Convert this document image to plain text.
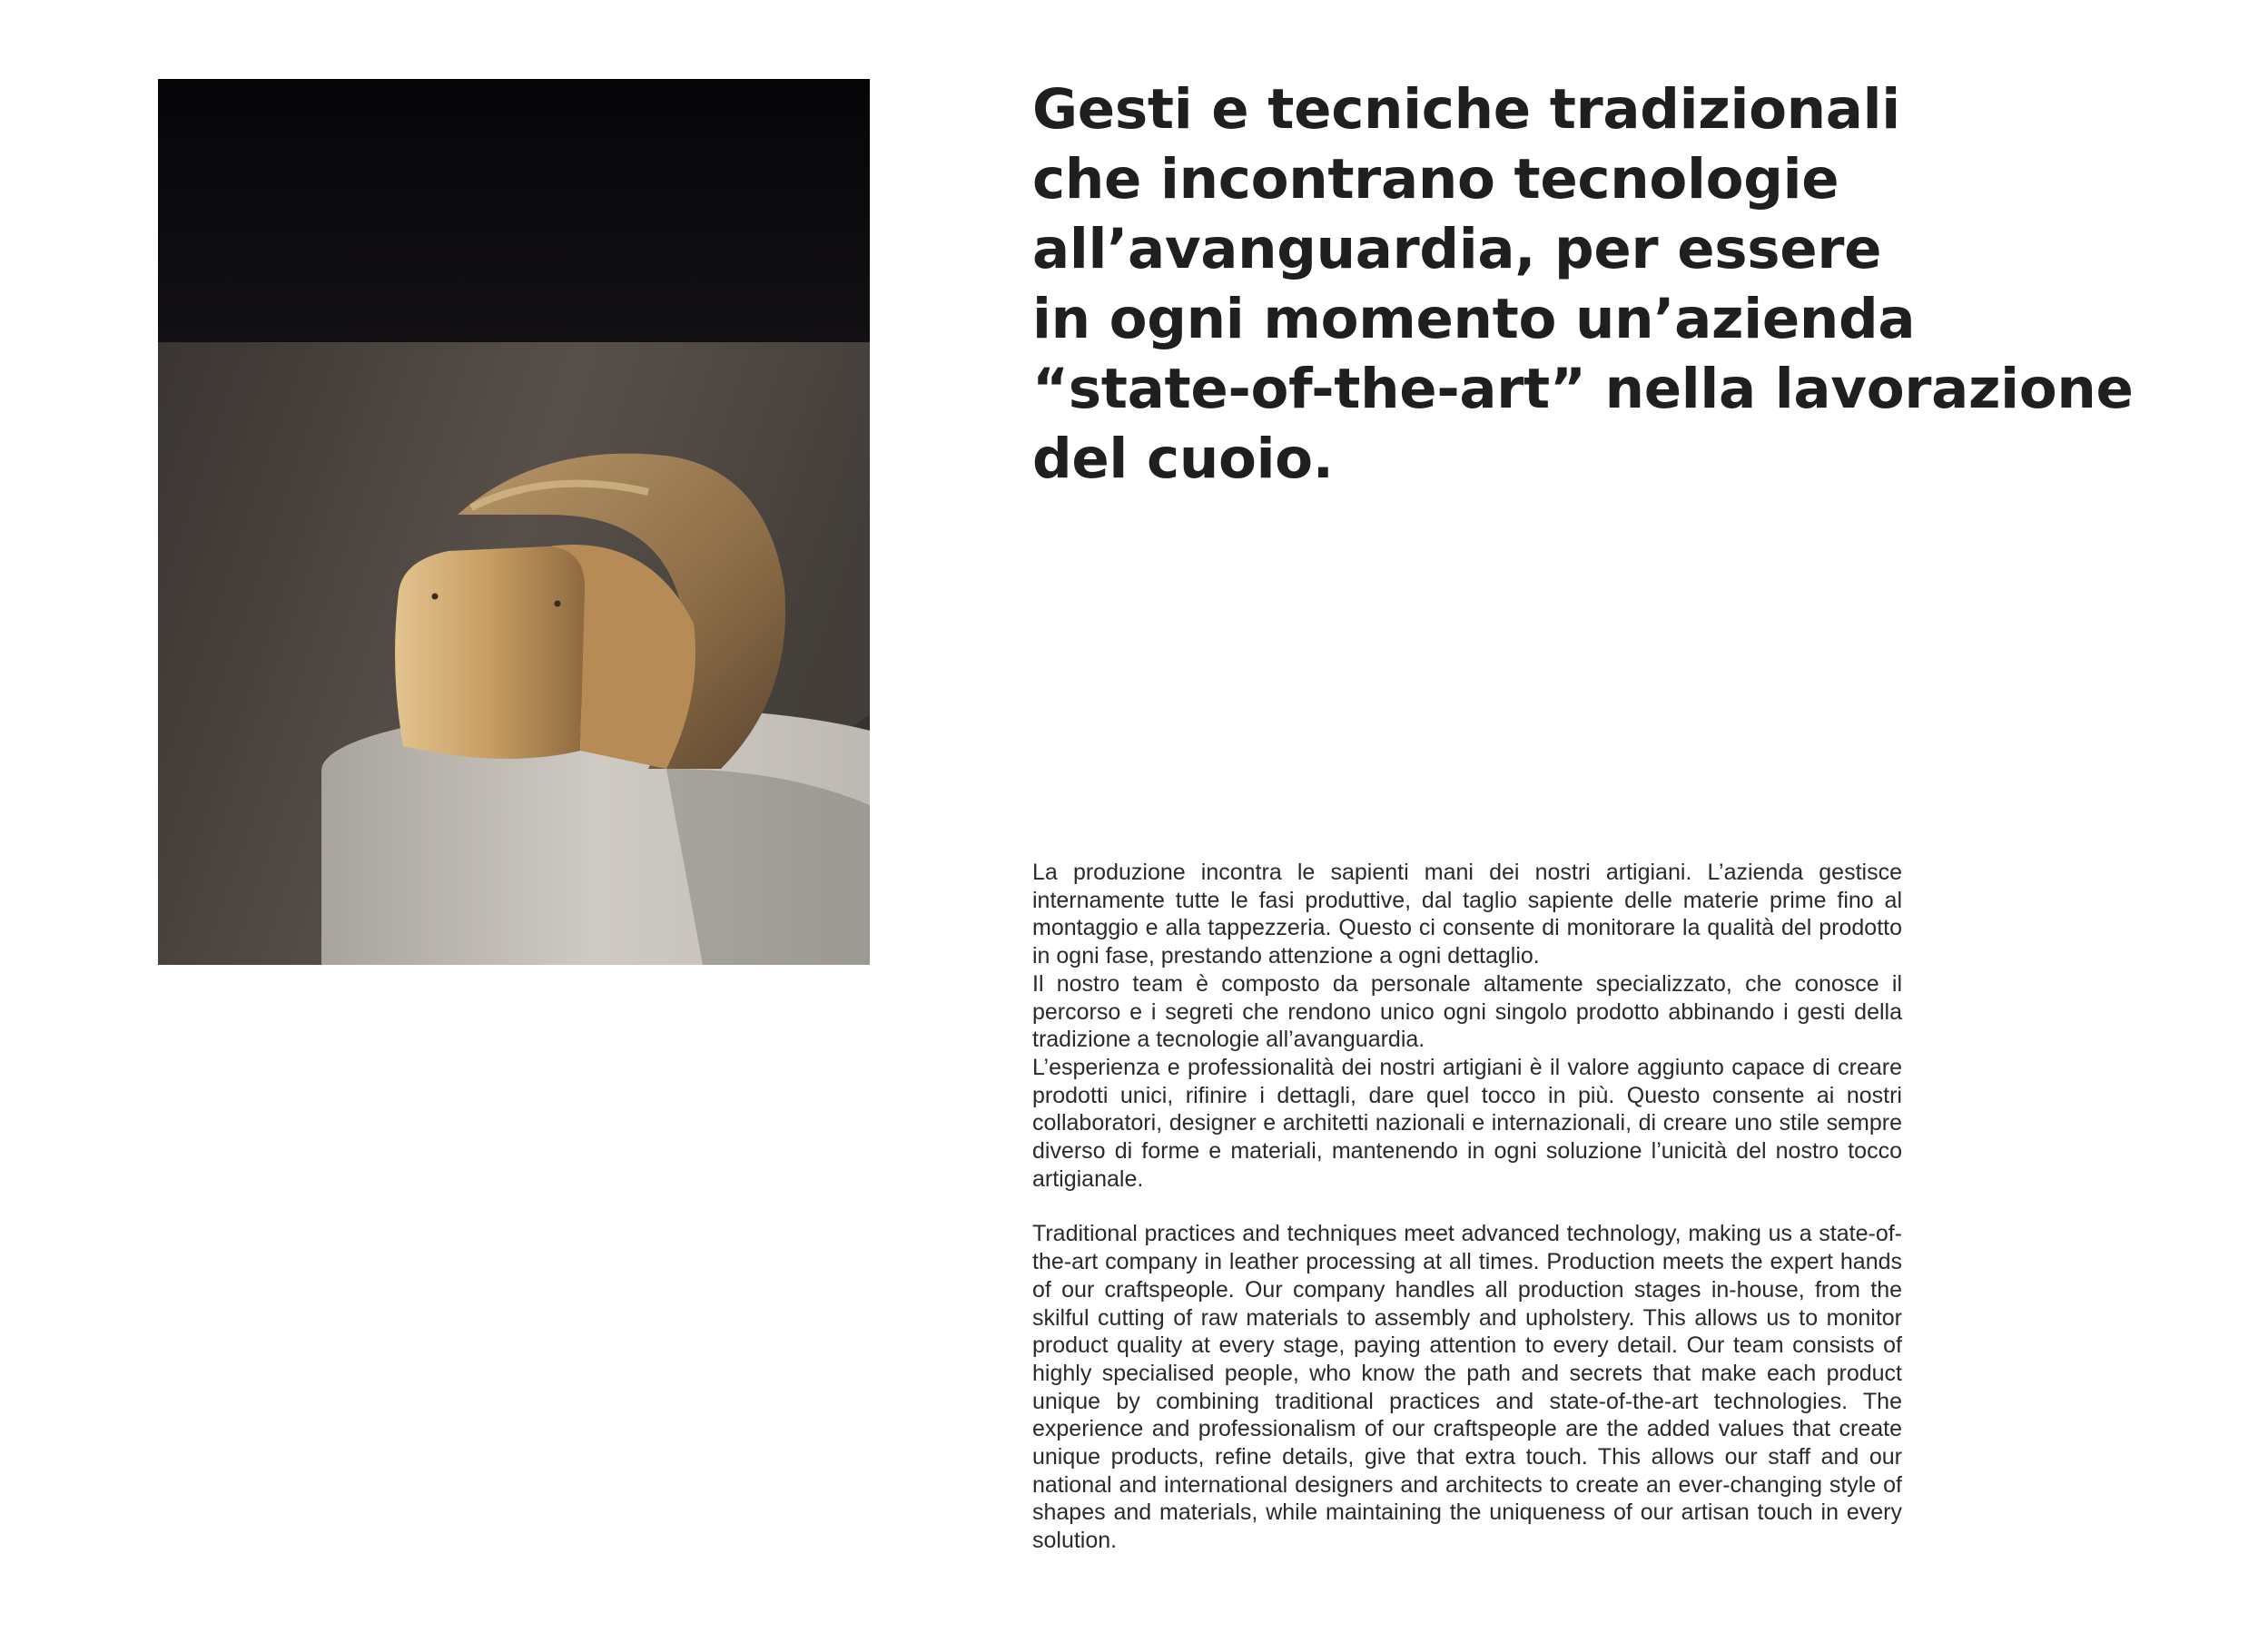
Gesti e tecniche tradizionali
che incontrano tecnologie
all’avanguardia, per essere
in ogni momento un’azienda
“state-of-the-art” nella lavorazione
del cuoio.

La produzione incontra le sapienti mani dei nostri artigiani. L’azienda gestisce internamente tutte le fasi produttive, dal taglio sapiente delle materie prime fino al montaggio e alla tappezzeria. Questo ci consente di monitorare la qualità del prodotto in ogni fase, prestando attenzione a ogni dettaglio.

Il nostro team è composto da personale altamente specializzato, che conosce il percorso e i segreti che rendono unico ogni singolo prodotto abbinando i gesti della tradizione a tecnologie all’avanguardia.

L’esperienza e professionalità dei nostri artigiani è il valore aggiunto capace di creare prodotti unici, rifinire i dettagli, dare quel tocco in più. Questo consente ai nostri collaboratori, designer e architetti nazionali e internazionali, di creare uno stile sempre diverso di forme e materiali, mantenendo in ogni soluzione l’unicità del nostro tocco artigianale.

Traditional practices and techniques meet advanced technology, making us a state-of-the-art company in leather processing at all times. Production meets the expert hands of our craftspeople. Our company handles all production stages in-house, from the skilful cutting of raw materials to assembly and upholstery. This allows us to monitor product quality at every stage, paying attention to every detail. Our team consists of highly specialised people, who know the path and secrets that make each product unique by combining traditional practices and state-of-the-art technologies. The experience and professionalism of our craftspeople are the added values that create unique products, refine details, give that extra touch. This allows our staff and our national and international designers and architects to create an ever-changing style of shapes and materials, while maintaining the uniqueness of our artisan touch in every solution.
